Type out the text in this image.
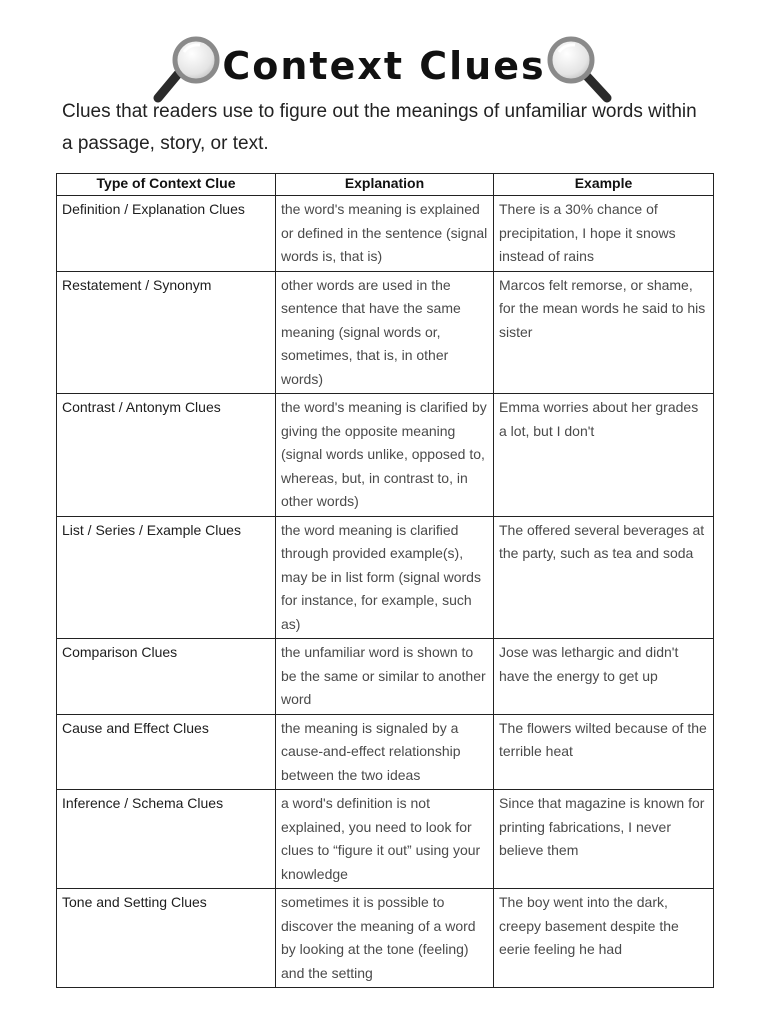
Context Clues
Clues that readers use to figure out the meanings of unfamiliar words within a passage, story, or text.
Type of Context Clue	Explanation	Example
Definition / Explanation Clues	the word's meaning is explained or defined in the sentence (signal words is, that is)	There is a 30% chance of precipitation, I hope it snows instead of rains
Restatement / Synonym	other words are used in the sentence that have the same meaning (signal words or, sometimes, that is, in other words)	Marcos felt remorse, or shame, for the mean words he said to his sister
Contrast / Antonym Clues	the word's meaning is clarified by giving the opposite meaning (signal words unlike, opposed to, whereas, but, in contrast to, in other words)	Emma worries about her grades a lot, but I don't
List / Series / Example Clues	the word meaning is clarified through provided example(s), may be in list form (signal words for instance, for example, such as)	The offered several beverages at the party, such as tea and soda
Comparison Clues	the unfamiliar word is shown to be the same or similar to another word	Jose was lethargic and didn't have the energy to get up
Cause and Effect Clues	the meaning is signaled by a cause-and-effect relationship between the two ideas	The flowers wilted because of the terrible heat
Inference / Schema Clues	a word's definition is not explained, you need to look for clues to “figure it out” using your knowledge	Since that magazine is known for printing fabrications, I never believe them
Tone and Setting Clues	sometimes it is possible to discover the meaning of a word by looking at the tone (feeling) and the setting	The boy went into the dark, creepy basement despite the eerie feeling he had
